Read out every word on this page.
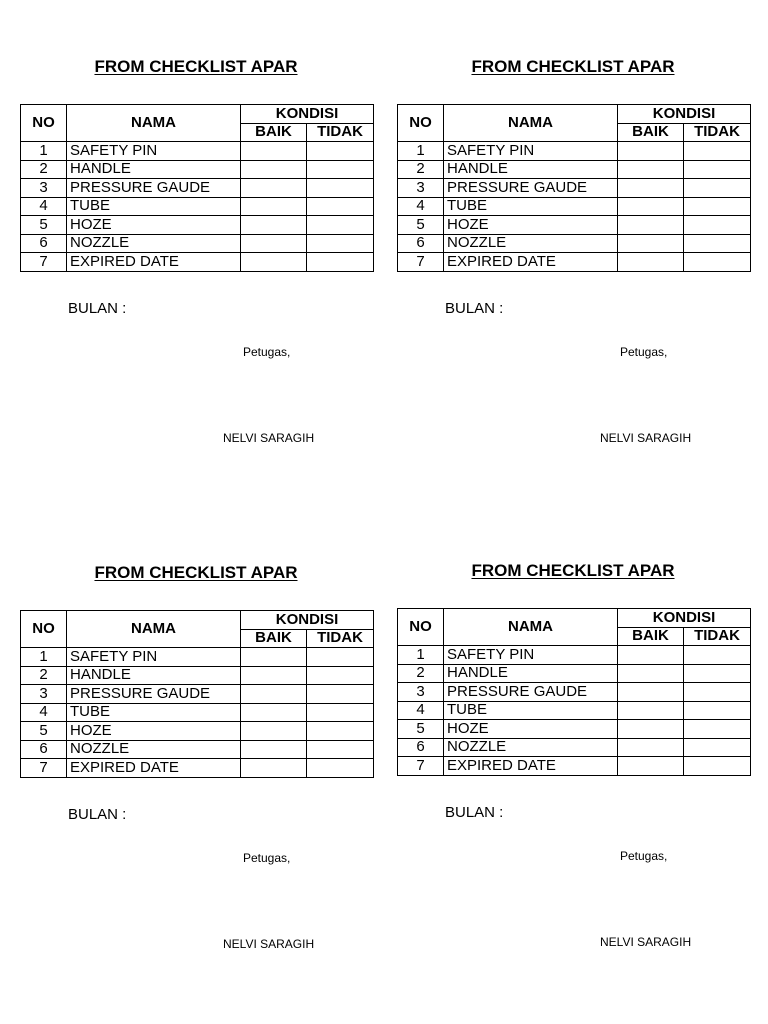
FROM CHECKLIST APAR
NO	NAMA	KONDISI	
		BAIK	TIDAK
1	SAFETY PIN		
2	HANDLE		
3	PRESSURE GAUDE		
4	TUBE		
5	HOZE		
6	NOZZLE		
7	EXPIRED DATE		
BULAN :
Petugas,
NELVI SARAGIH
FROM CHECKLIST APAR
NO	NAMA	KONDISI	
		BAIK	TIDAK
1	SAFETY PIN		
2	HANDLE		
3	PRESSURE GAUDE		
4	TUBE		
5	HOZE		
6	NOZZLE		
7	EXPIRED DATE		
BULAN :
Petugas,
NELVI SARAGIH
FROM CHECKLIST APAR
NO	NAMA	KONDISI	
		BAIK	TIDAK
1	SAFETY PIN		
2	HANDLE		
3	PRESSURE GAUDE		
4	TUBE		
5	HOZE		
6	NOZZLE		
7	EXPIRED DATE		
BULAN :
Petugas,
NELVI SARAGIH
FROM CHECKLIST APAR
NO	NAMA	KONDISI	
		BAIK	TIDAK
1	SAFETY PIN		
2	HANDLE		
3	PRESSURE GAUDE		
4	TUBE		
5	HOZE		
6	NOZZLE		
7	EXPIRED DATE		
BULAN :
Petugas,
NELVI SARAGIH
